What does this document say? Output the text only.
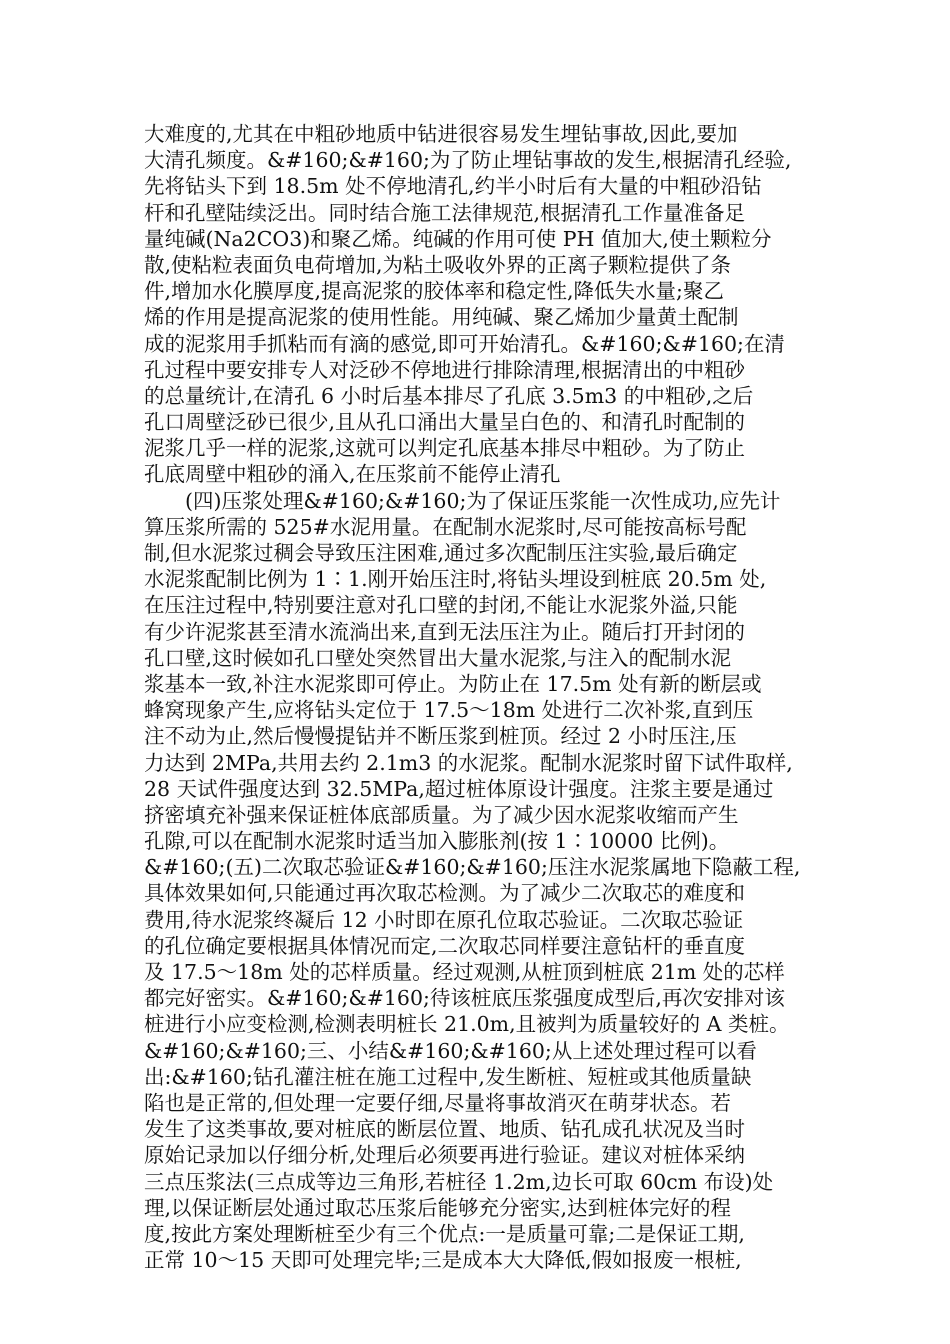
大难度的,尤其在中粗砂地质中钻进很容易发生埋钻事故,因此,要加
大清孔频度。&#160;&#160;为了防止埋钻事故的发生,根据清孔经验,
先将钻头下到 18.5m 处不停地清孔,约半小时后有大量的中粗砂沿钻
杆和孔壁陆续泛出。同时结合施工法律规范,根据清孔工作量准备足
量纯碱(Na2CO3)和聚乙烯。纯碱的作用可使 PH 值加大,使土颗粒分
散,使粘粒表面负电荷增加,为粘土吸收外界的正离子颗粒提供了条
件,增加水化膜厚度,提高泥浆的胶体率和稳定性,降低失水量;聚乙
烯的作用是提高泥浆的使用性能。用纯碱、聚乙烯加少量黄土配制
成的泥浆用手抓粘而有滴的感觉,即可开始清孔。&#160;&#160;在清
孔过程中要安排专人对泛砂不停地进行排除清理,根据清出的中粗砂
的总量统计,在清孔 6 小时后基本排尽了孔底 3.5m3 的中粗砂,之后
孔口周壁泛砂已很少,且从孔口涌出大量呈白色的、和清孔时配制的
泥浆几乎一样的泥浆,这就可以判定孔底基本排尽中粗砂。为了防止
孔底周壁中粗砂的涌入,在压浆前不能停止清孔
　　(四)压浆处理&#160;&#160;为了保证压浆能一次性成功,应先计
算压浆所需的 525#水泥用量。在配制水泥浆时,尽可能按高标号配
制,但水泥浆过稠会导致压注困难,通过多次配制压注实验,最后确定
水泥浆配制比例为 1∶1.刚开始压注时,将钻头埋设到桩底 20.5m 处,
在压注过程中,特别要注意对孔口壁的封闭,不能让水泥浆外溢,只能
有少许泥浆甚至清水流淌出来,直到无法压注为止。随后打开封闭的
孔口壁,这时候如孔口壁处突然冒出大量水泥浆,与注入的配制水泥
浆基本一致,补注水泥浆即可停止。为防止在 17.5m 处有新的断层或
蜂窝现象产生,应将钻头定位于 17.5～18m 处进行二次补浆,直到压
注不动为止,然后慢慢提钻并不断压浆到桩顶。经过 2 小时压注,压
力达到 2MPa,共用去约 2.1m3 的水泥浆。配制水泥浆时留下试件取样,
28 天试件强度达到 32.5MPa,超过桩体原设计强度。注浆主要是通过
挤密填充补强来保证桩体底部质量。为了减少因水泥浆收缩而产生
孔隙,可以在配制水泥浆时适当加入膨胀剂(按 1∶10000 比例)。
&#160;(五)二次取芯验证&#160;&#160;压注水泥浆属地下隐蔽工程,
具体效果如何,只能通过再次取芯检测。为了减少二次取芯的难度和
费用,待水泥浆终凝后 12 小时即在原孔位取芯验证。二次取芯验证
的孔位确定要根据具体情况而定,二次取芯同样要注意钻杆的垂直度
及 17.5～18m 处的芯样质量。经过观测,从桩顶到桩底 21m 处的芯样
都完好密实。&#160;&#160;待该桩底压浆强度成型后,再次安排对该
桩进行小应变检测,检测表明桩长 21.0m,且被判为质量较好的 A 类桩。
&#160;&#160;三、小结&#160;&#160;从上述处理过程可以看
出:&#160;钻孔灌注桩在施工过程中,发生断桩、短桩或其他质量缺
陷也是正常的,但处理一定要仔细,尽量将事故消灭在萌芽状态。若
发生了这类事故,要对桩底的断层位置、地质、钻孔成孔状况及当时
原始记录加以仔细分析,处理后必须要再进行验证。建议对桩体采纳
三点压浆法(三点成等边三角形,若桩径 1.2m,边长可取 60cm 布设)处
理,以保证断层处通过取芯压浆后能够充分密实,达到桩体完好的程
度,按此方案处理断桩至少有三个优点:一是质量可靠;二是保证工期,
正常 10～15 天即可处理完毕;三是成本大大降低,假如报废一根桩,
